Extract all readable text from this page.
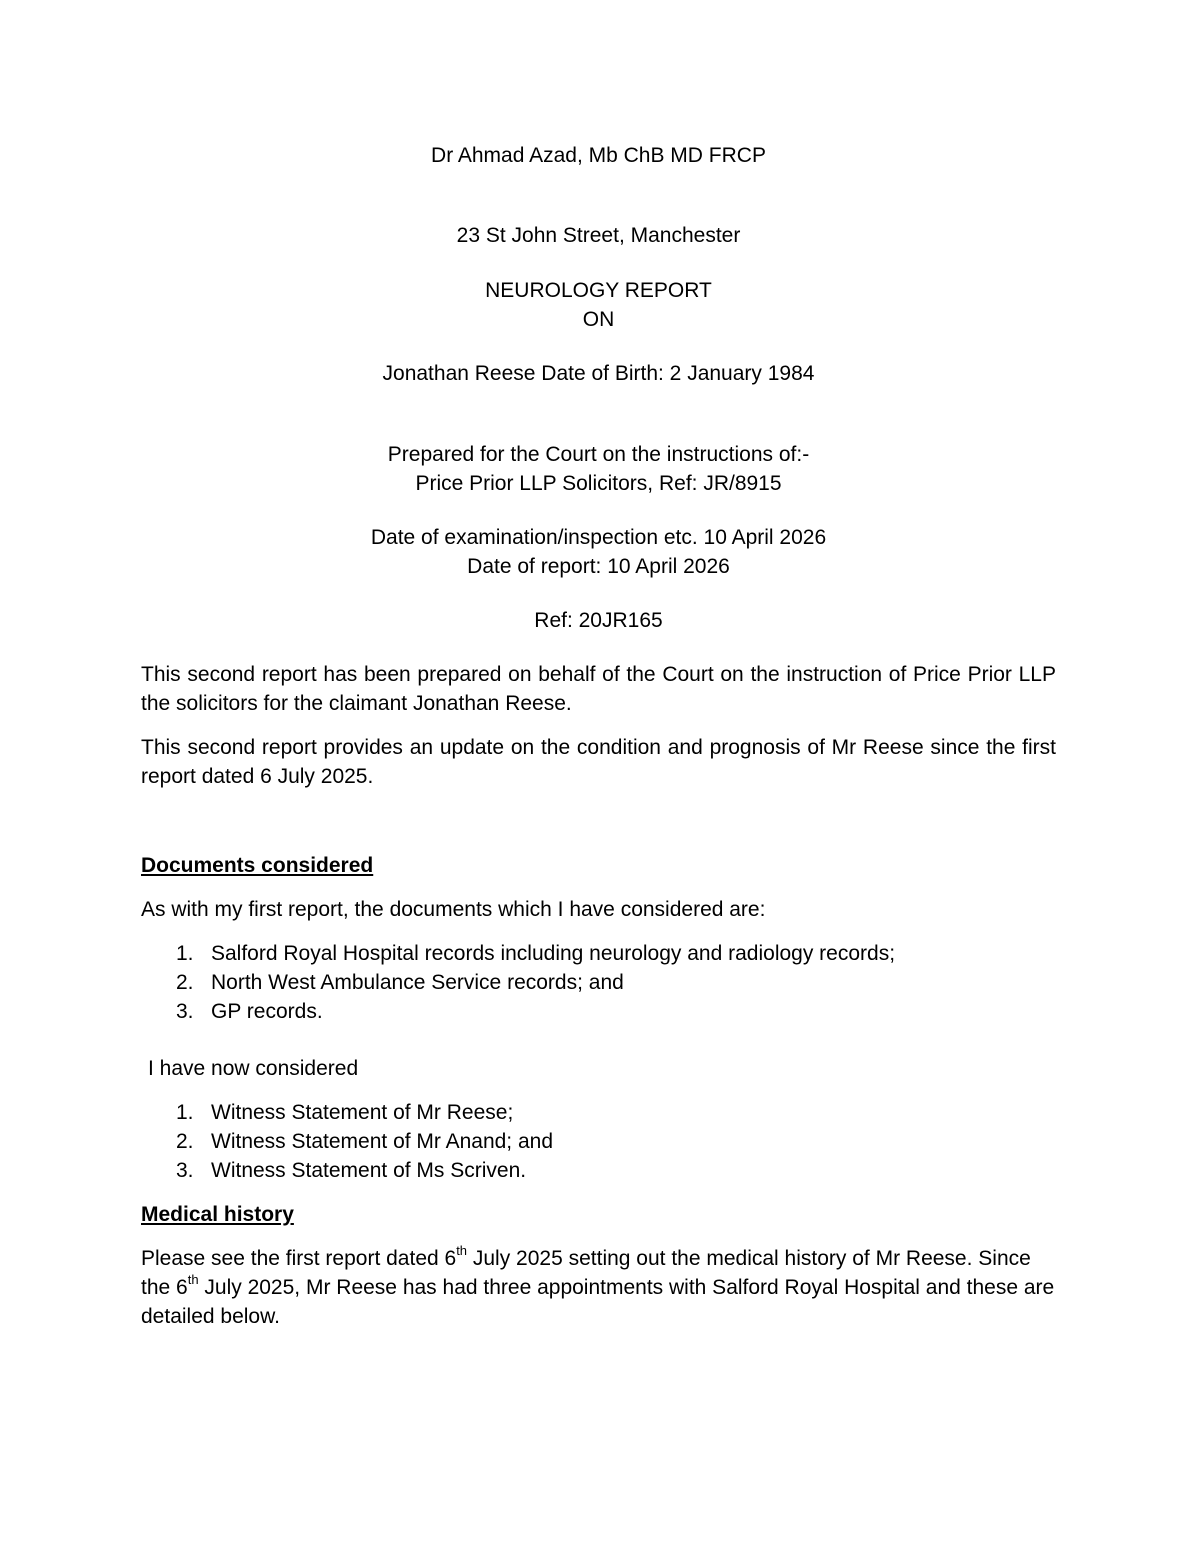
Dr Ahmad Azad, Mb ChB MD FRCP

23 St John Street, Manchester

NEUROLOGY REPORT

ON

Jonathan Reese Date of Birth: 2 January 1984

Prepared for the Court on the instructions of:-

Price Prior LLP Solicitors, Ref: JR/8915

Date of examination/inspection etc. 10 April 2026

Date of report: 10 April 2026

Ref: 20JR165

This second report has been prepared on behalf of the Court on the instruction of Price Prior LLP the solicitors for the claimant Jonathan Reese.

This second report provides an update on the condition and prognosis of Mr Reese since the first report dated 6 July 2025.

Documents considered

As with my first report, the documents which I have considered are:

1. Salford Royal Hospital records including neurology and radiology records;
2. North West Ambulance Service records; and
3. GP records.

I have now considered

1. Witness Statement of Mr Reese;
2. Witness Statement of Mr Anand; and
3. Witness Statement of Ms Scriven.

Medical history

Please see the first report dated 6th July 2025 setting out the medical history of Mr Reese. Since the 6th July 2025, Mr Reese has had three appointments with Salford Royal Hospital and these are detailed below.
